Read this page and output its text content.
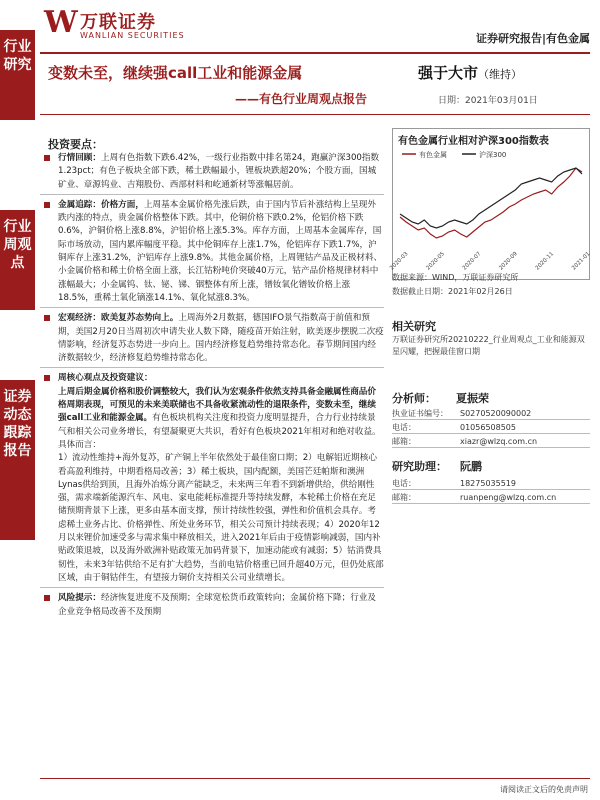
行业研究
行业周观点
证券动态跟踪报告
W 万联证券
WANLIAN SECURITIES	证券研究报告|有色金属
变数未至，继续强call工业和能源金属
——有色行业周观点报告
强于大市（维持）
日期：2021年03月01日
投资要点：

行情回顾：上周有色指数下跌6.42%，一级行业指数中排名第24，跑赢沪深300指数1.23pct；有色子板块全部下跌，稀土跌幅最小，锂板块跌超20%；个股方面，国城矿业、章源钨业、吉翔股份、西部材料和屹通新材等涨幅居前。

金属追踪：价格方面，上周基本金属价格先涨后跌，由于国内节后补涨结构上呈现外跌内涨的特点，贵金属价格整体下跌。其中，伦铜价格下跌0.2%，伦铝价格下跌0.6%，沪铜价格上涨8.8%，沪铝价格上涨5.3%。库存方面，上周基本金属库存，国际市场放动，国内累库幅度平稳。其中伦铜库存上涨1.7%，伦铝库存下跌1.7%，沪铜库存上涨31.2%，沪铝库存上涨9.8%。其他金属价格，上周锂钴产品及正极材料、小金属价格和稀土价格全面上涨，长江钴粉吨价突破40万元，钴产品价格规律材料中涨幅最大；小金属钨、钛、铋、锑、铟整体有所上涨，镨钕氧化镨钕价格上涨18.5%，重稀土氧化镝涨14.1%、氧化铽涨8.3%。

宏观经济：欧美复苏态势向上。上周海外2月数据，德国IFO景气指数高于前值和预期，美国2月20日当周初次申请失业人数下降，随疫苗开始注射，欧美逐步摆脱二次疫情影响，经济复苏态势进一步向上。国内经济修复趋势维持常态化。春节期间国内经济数据较少，经济修复趋势维持常态化。

周核心观点及投资建议：

上周后期金属价格和股价调整较大，我们认为宏观条件依然支持具备金融属性商品价格周期表现，可预见的未来美联储也不具备收紧流动性的退限条件，变数未至，继续强call工业和能源金属。有色板块机构关注度和投资力度明显提升，合力行业持续景气和相关公司业务增长，有望凝聚更大共识，看好有色板块2021年相对和绝对收益。具体而言：

1）流动性维持+海外复苏，矿产铜上半年依然处于最佳窗口期；2）电解铝近期核心看高盈利维持，中期看格局改善；3）稀土板块，国内配额，美国芒廷帕斯和澳洲Lynas供给到顶，且海外冶炼分离产能缺乏，未来两三年看不到新增供给，供给刚性强，需求端新能源汽车、风电、家电能耗标准提升等持续发酵，本轮稀土价格在充足储预期背景下上涨，更多由基本面支撑，预计持续性较强，弹性和价值机会具存。考虑稀土业务占比、价格弹性、所处业务环节，相关公司预计持续表现；4）2020年12月以来锂价加速受多与需求集中释放相关，进入2021年后由于疫情影响减弱，国内补贴政策退坡，以及海外欧洲补贴政策无加码背景下，加速动能或有减弱；5）钴消费具韧性，未来3年钴供给不足有扩大趋势，当前电钴价格重已回升超40万元，但仍处底部区域，由于铜钴伴生，有望接力铜价支持相关公司业绩增长。

风险提示：经济恢复进度不及预期；全球宽松货币政策转向；金属价格下降；行业及企业竞争格局改善不及预期

有色金属行业相对沪深300指数表
有色金属	沪深300
2020-03	2020-05	2020-07	2020-09	2020-11	2021-01
数据来源：WIND，万联证券研究所
数据截止日期：2021年02月26日
相关研究
万联证券研究所20210222_行业周观点_工业和能源双星闪耀，把握最佳窗口期
分析师： 夏振荣
执业证书编号： S0270520090002
电话：	01056508505
邮箱：	xiazr@wlzq.com.cn
研究助理： 阮鹏
电话：	18275035519
邮箱：	ruanpeng@wlzq.com.cn
请阅读正文后的免责声明
